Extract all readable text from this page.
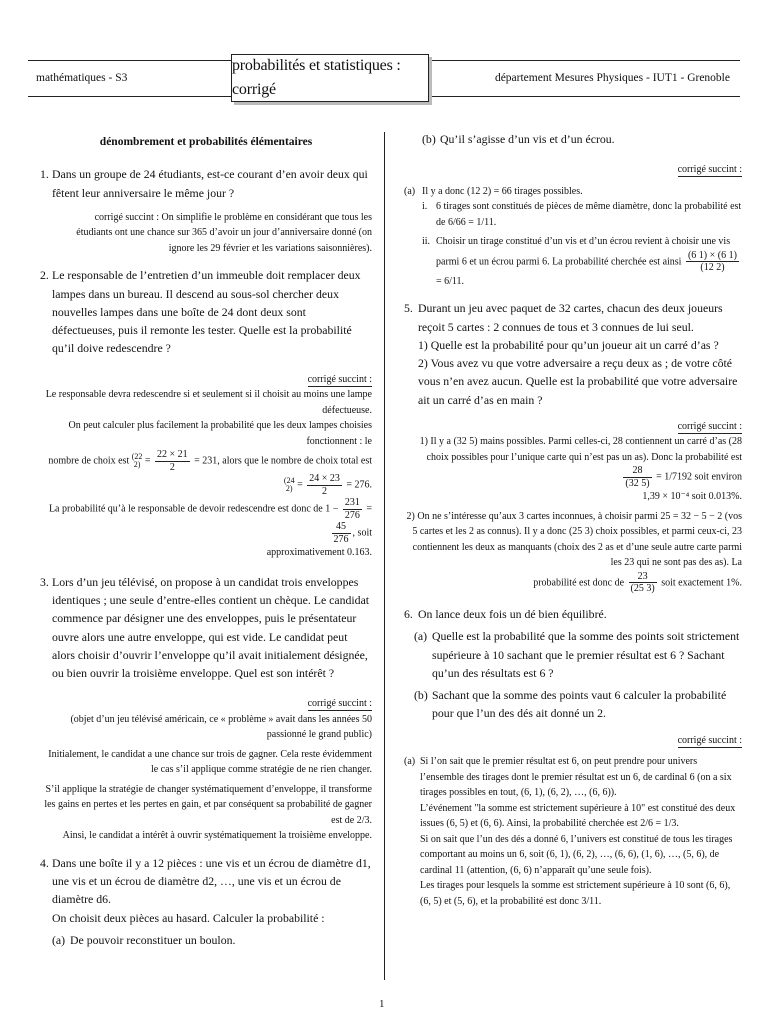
mathématiques - S3
probabilités et statistiques : corrigé
département Mesures Physiques - IUT1 - Grenoble
dénombrement et probabilités élémentaires
1. Dans un groupe de 24 étudiants, est-ce courant d’en avoir deux qui fêtent leur anniversaire le même jour ?
corrigé succint : On simplifie le problème en considérant que tous les étudiants ont une chance sur 365 d’avoir un jour d’anniversaire donné (on ignore les 29 février et les variations saisonnières).
2. Le responsable de l’entretien d’un immeuble doit remplacer deux lampes dans un bureau. Il descend au sous-sol chercher deux nouvelles lampes dans une boîte de 24 dont deux sont défectueuses, puis il remonte les tester. Quelle est la probabilité qu’il doive redescendre ?
corrigé succint :

Le responsable devra redescendre si et seulement si il choisit au moins une lampe défectueuse.

On peut calculer plus facilement la probabilité que les deux lampes choisies fonctionnent : le

nombre de choix est (22
$2) = \frac{22 \times 21}{2} = 231$, alors que le nombre de choix total est

(24
$2) = \frac{24 \times 23}{2} = 276$.

La probabilité qu’à le responsable de devoir redescendre est donc de $1 - \frac{231}{276}$ =
$\frac{45}{276}$ , soit

approximativement 0.163.

3. Lors d’un jeu télévisé, on propose à un candidat trois enveloppes identiques ; une seule d’entre-elles contient un chèque. Le candidat commence par désigner une des enveloppes, puis le présentateur ouvre alors une autre enveloppe, qui est vide. Le candidat peut alors choisir d’ouvrir l’enveloppe qu’il avait initialement désignée, ou bien ouvrir la troisième enveloppe. Quel est son intérêt ?
corrigé succint :

(objet d’un jeu télévisé américain, ce « problème » avait dans les années 50 passionné le grand public)

Initialement, le candidat a une chance sur trois de gagner. Cela reste évidemment le cas s’il applique comme stratégie de ne rien changer.

S’il applique la stratégie de changer systématiquement d’enveloppe, il transforme les gains en pertes et les pertes en gain, et par conséquent sa probabilité de gagner est de 2/3.

Ainsi, le candidat a intérêt à ouvrir systématiquement la troisième enveloppe.

4. Dans une boîte il y a 12 pièces : une vis et un écrou de diamètre d1, une vis et un écrou de diamètre d2, …, une vis et un écrou de diamètre d6.
On choisit deux pièces au hasard. Calculer la probabilité :
(a) De pouvoir reconstituer un boulon.
(b) Qu’il s’agisse d’un vis et d’un écrou.
corrigé succint :
(a) Il y a donc (12 2) = 66 tirages possibles.
i. 6 tirages sont constitués de pièces de même diamètre, donc la probabilité est de 6/66 = 1/11.
ii. Choisir un tirage constitué d’un vis et d’un écrou revient à choisir une vis parmi 6 et un écrou parmi 6. La probabilité cherchée est ainsi $\frac{(6 1) \times (6 1)}{(12 2)}$
= 6/11.
5. Durant un jeu avec paquet de 32 cartes, chacun des deux joueurs reçoit 5 cartes : 2 connues de tous et 3 connues de lui seul.
1) Quelle est la probabilité pour qu’un joueur ait un carré d’as ?
2) Vous avez vu que votre adversaire a reçu deux as ; de votre côté vous n’en avez aucun. Quelle est la probabilité que votre adversaire ait un carré d’as en main ?
corrigé succint :

1) Il y a (32 5) mains possibles. Parmi celles-ci, 28 contiennent un carré d’as (28 choix possibles pour l’unique carte qui n’est pas un as). Donc la probabilité est
$\frac{28}{(32 5)} = 1/7192$ soit environ

1,39 × 10⁻⁴ soit 0.013%.

2) On ne s’intéresse qu’aux 3 cartes inconnues, à choisir parmi 25 = 32 − 5 − 2 (vos 5 cartes et les 2 as connus). Il y a donc (25 3) choix possibles, et parmi ceux-ci, 23 contiennent les deux as manquants (choix des 2 as et d’une seule autre carte parmi les 23 qui ne sont pas des as). La

probabilité est donc de $\frac{23}{(25 3)}$ soit exactement 1%.

6. On lance deux fois un dé bien équilibré.
(a) Quelle est la probabilité que la somme des points soit strictement supérieure à 10 sachant que le premier résultat est 6 ? Sachant qu’un des résultats est 6 ?
(b) Sachant que la somme des points vaut 6 calculer la probabilité pour que l’un des dés ait donné un 2.
corrigé succint :
(a) Si l’on sait que le premier résultat est 6, on peut prendre pour univers l’ensemble des tirages dont le premier résultat est un 6, de cardinal 6 (on a six tirages possibles en tout, (6, 1), (6, 2), …, (6, 6)).

L’événement "la somme est strictement supérieure à 10" est constitué des deux issues (6, 5) et (6, 6). Ainsi, la probabilité cherchée est 2/6 = 1/3.

Si on sait que l’un des dés a donné 6, l’univers est constitué de tous les tirages comportant au moins un 6, soit (6, 1), (6, 2), …, (6, 6), (1, 6), …, (5, 6), de cardinal 11 (attention, (6, 6) n’apparaît qu’une seule fois).

Les tirages pour lesquels la somme est strictement supérieure à 10 sont (6, 6), (6, 5) et (5, 6), et la probabilité est donc 3/11.

1
